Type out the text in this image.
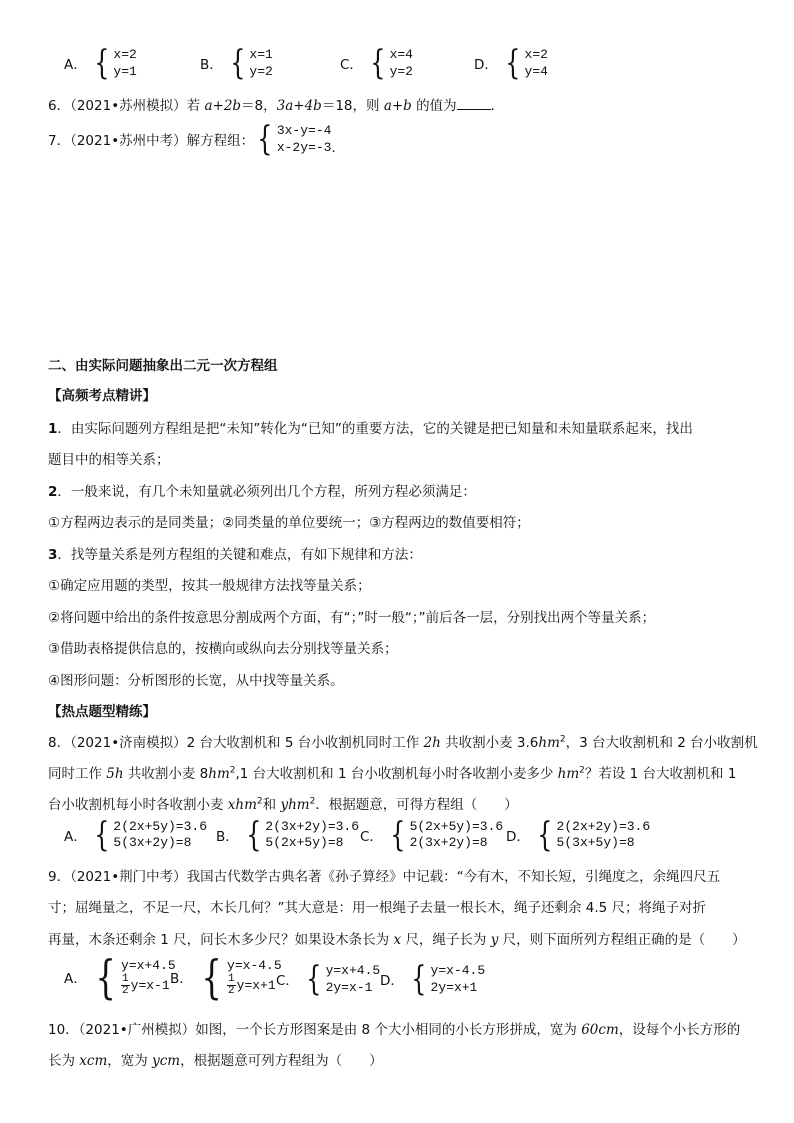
A． { x=2
y=1	B． { x=1
y=2	C． { x=4
y=2	D． { x=2
y=4
6．（2021•苏州模拟）若 a+2b＝8，3a+4b＝18，则 a+b 的值为	．
7．（2021•苏州中考）解方程组： { 3x-y=-4
x-2y=-3 .
二、由实际问题抽象出二元一次方程组
【高频考点精讲】
1．由实际问题列方程组是把“未知”转化为“已知”的重要方法，它的关键是把已知量和未知量联系起来，找出
题目中的相等关系；
2．一般来说，有几个未知量就必须列出几个方程，所列方程必须满足：
①方程两边表示的是同类量；②同类量的单位要统一；③方程两边的数值要相符；
3．找等量关系是列方程组的关键和难点，有如下规律和方法：
①确定应用题的类型，按其一般规律方法找等量关系；
②将问题中给出的条件按意思分割成两个方面，有“；”时一般“；”前后各一层，分别找出两个等量关系；
③借助表格提供信息的，按横向或纵向去分别找等量关系；
④图形问题：分析图形的长宽，从中找等量关系。
【热点题型精练】
8．（2021•济南模拟）2 台大收割机和 5 台小收割机同时工作 2h 共收割小麦 $3.6hm^2$，3 台大收割机和 2 台小收割机
同时工作 5h 共收割小麦 $8hm^2,1$ 台大收割机和 1 台小收割机每小时各收割小麦多少 $hm^2$？若设 1 台大收割机和 1
台小收割机每小时各收割小麦 xhm$^2$和 yhm$^2$．根据题意，可得方程组（　　）
A． { 2(2x+5y)=3.6
5(3x+2y)=8	B． { 2(3x+2y)=3.6
5(2x+5y)=8	C． { 5(2x+5y)=3.6
2(3x+2y)=8	D． { 2(2x+2y)=3.6
5(3x+5y)=8
9．（2021•荆门中考）我国古代数学古典名著《孙子算经》中记载：“今有木，不知长短，引绳度之，余绳四尺五
寸；屈绳量之，不足一尺，木长几何？”其大意是：用一根绳子去量一根长木，绳子还剩余 4.5 尺；将绳子对折
再量，木条还剩余 1 尺，问长木多少尺？如果设木条长为 x 尺，绳子长为 y 尺，则下面所列方程组正确的是（　　）
A． { y=x+4.5
$\frac{1}{2} y=x-1$ B． { y=x-4.5
$\frac{1}{2} y=x+1$ C． { y=x+4.5
2y=x-1 D． { y=x-4.5
2y=x+1
10．（2021•广州模拟）如图，一个长方形图案是由 8 个大小相同的小长方形拼成，宽为 60cm，设每个小长方形的
长为 xcm，宽为 ycm，根据题意可列方程组为（　　）
